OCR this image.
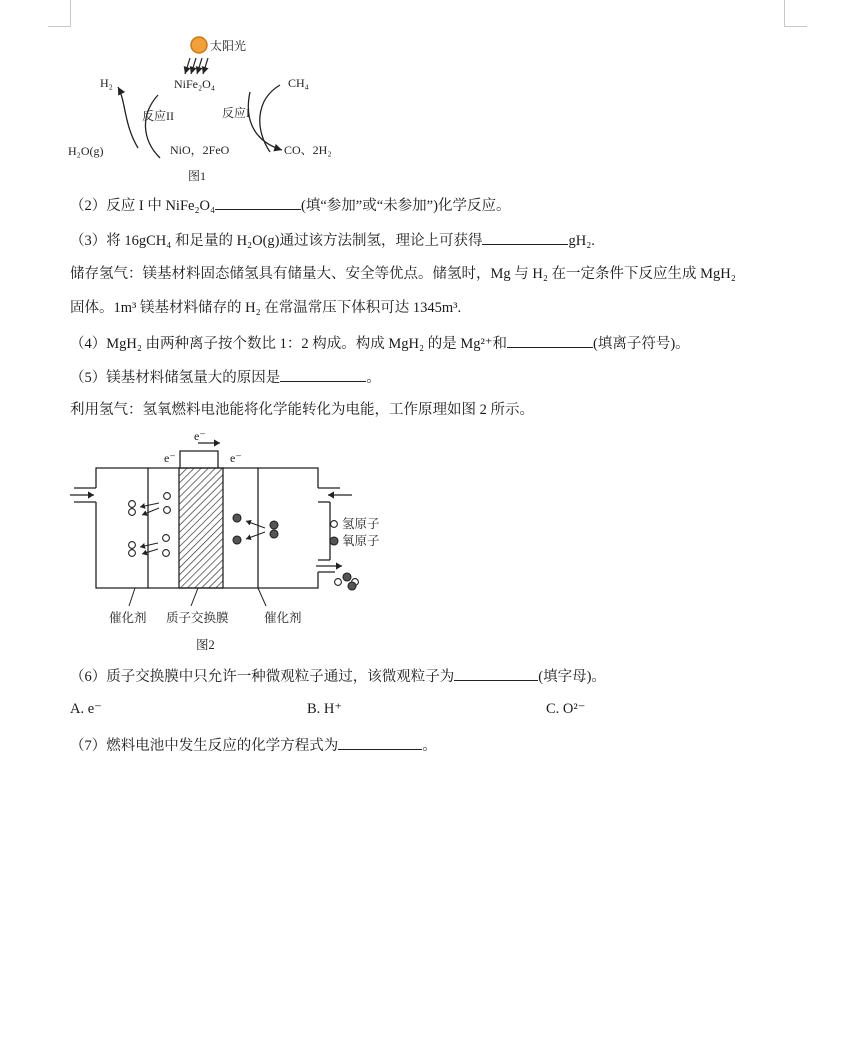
太阳光
NiFe₂O₄
H₂	CH₄
反应II	反应I
H₂O(g)	NiO，2FeO	CO、2H₂
图1
（2）反应 I 中 NiFe₂O₄	(填“参加”或“未参加”)化学反应。
（3）将 16gCH₄ 和足量的 H₂O(g)通过该方法制氢，理论上可获得	gH₂.
储存氢气：镁基材料固态储氢具有储量大、安全等优点。储氢时，Mg 与 H₂ 在一定条件下反应生成 MgH₂
固体。1m³ 镁基材料储存的 H₂ 在常温常压下体积可达 1345m³.
（4）MgH₂ 由两种离子按个数比 1：2 构成。构成 MgH₂ 的是 Mg²⁺和	(填离子符号)。
（5）镁基材料储氢量大的原因是	。
利用氢气：氢氧燃料电池能将化学能转化为电能，工作原理如图 2 所示。
e⁻
e⁻	e⁻
氢原子
氧原子
催化剂 质子交换膜	催化剂
图2
（6）质子交换膜中只允许一种微观粒子通过，该微观粒子为	(填字母)。
A. e⁻	B. H⁺	C. O²⁻
（7）燃料电池中发生反应的化学方程式为	。
